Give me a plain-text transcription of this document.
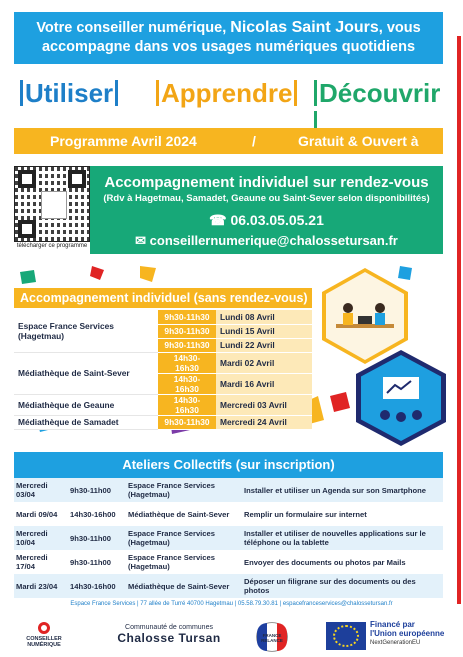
Votre conseiller numérique, Nicolas Saint Jours, vous
accompagne dans vos usages numériques quotidiens
Utiliser Apprendre Découvrir
Programme Avril 2024	/	Gratuit & Ouvert à
télécharger ce programme
Accompagnement individuel sur rendez-vous
(Rdv à Hagetmau, Samadet, Geaune ou Saint-Sever selon disponibilités)
☎ 06.03.05.05.21
✉ conseillernumerique@chalossetursan.fr
Accompagnement individuel (sans rendez-vous)
Espace France Services (Hagetmau)	9h30-11h30	Lundi 08 Avril
	9h30-11h30	Lundi 15 Avril
	9h30-11h30	Lundi 22 Avril
Médiathèque de Saint-Sever	14h30-16h30	Mardi 02 Avril
	14h30-16h30	Mardi 16 Avril
Médiathèque de Geaune	14h30-16h30	Mercredi 03 Avril
Médiathèque de Samadet	9h30-11h30	Mercredi 24 Avril
Ateliers Collectifs (sur inscription)
Mercredi 03/04	9h30-11h00	Espace France Services (Hagetmau)	Installer et utiliser un Agenda sur son Smartphone
Mardi 09/04	14h30-16h00	Médiathèque de Saint-Sever	Remplir un formulaire sur internet
Mercredi 10/04	9h30-11h00	Espace France Services (Hagetmau)	Installer et utiliser de nouvelles applications sur le téléphone ou la tablette
Mercredi 17/04	9h30-11h00	Espace France Services (Hagetmau)	Envoyer des documents ou photos par Mails
Mardi 23/04	14h30-16h00	Médiathèque de Saint-Sever	Déposer un filigrane sur des documents ou des photos
Espace France Services | 77 allée de Turré 40700 Hagetmau | 05.58.79.30.81 | espacefranceservices@chalossetursan.fr
CONSEILLER NUMÉRIQUE
Communauté de communes
Chalosse Tursan	FRANCE RELANCE
Financé par
l'Union européenne
NextGenerationEU
